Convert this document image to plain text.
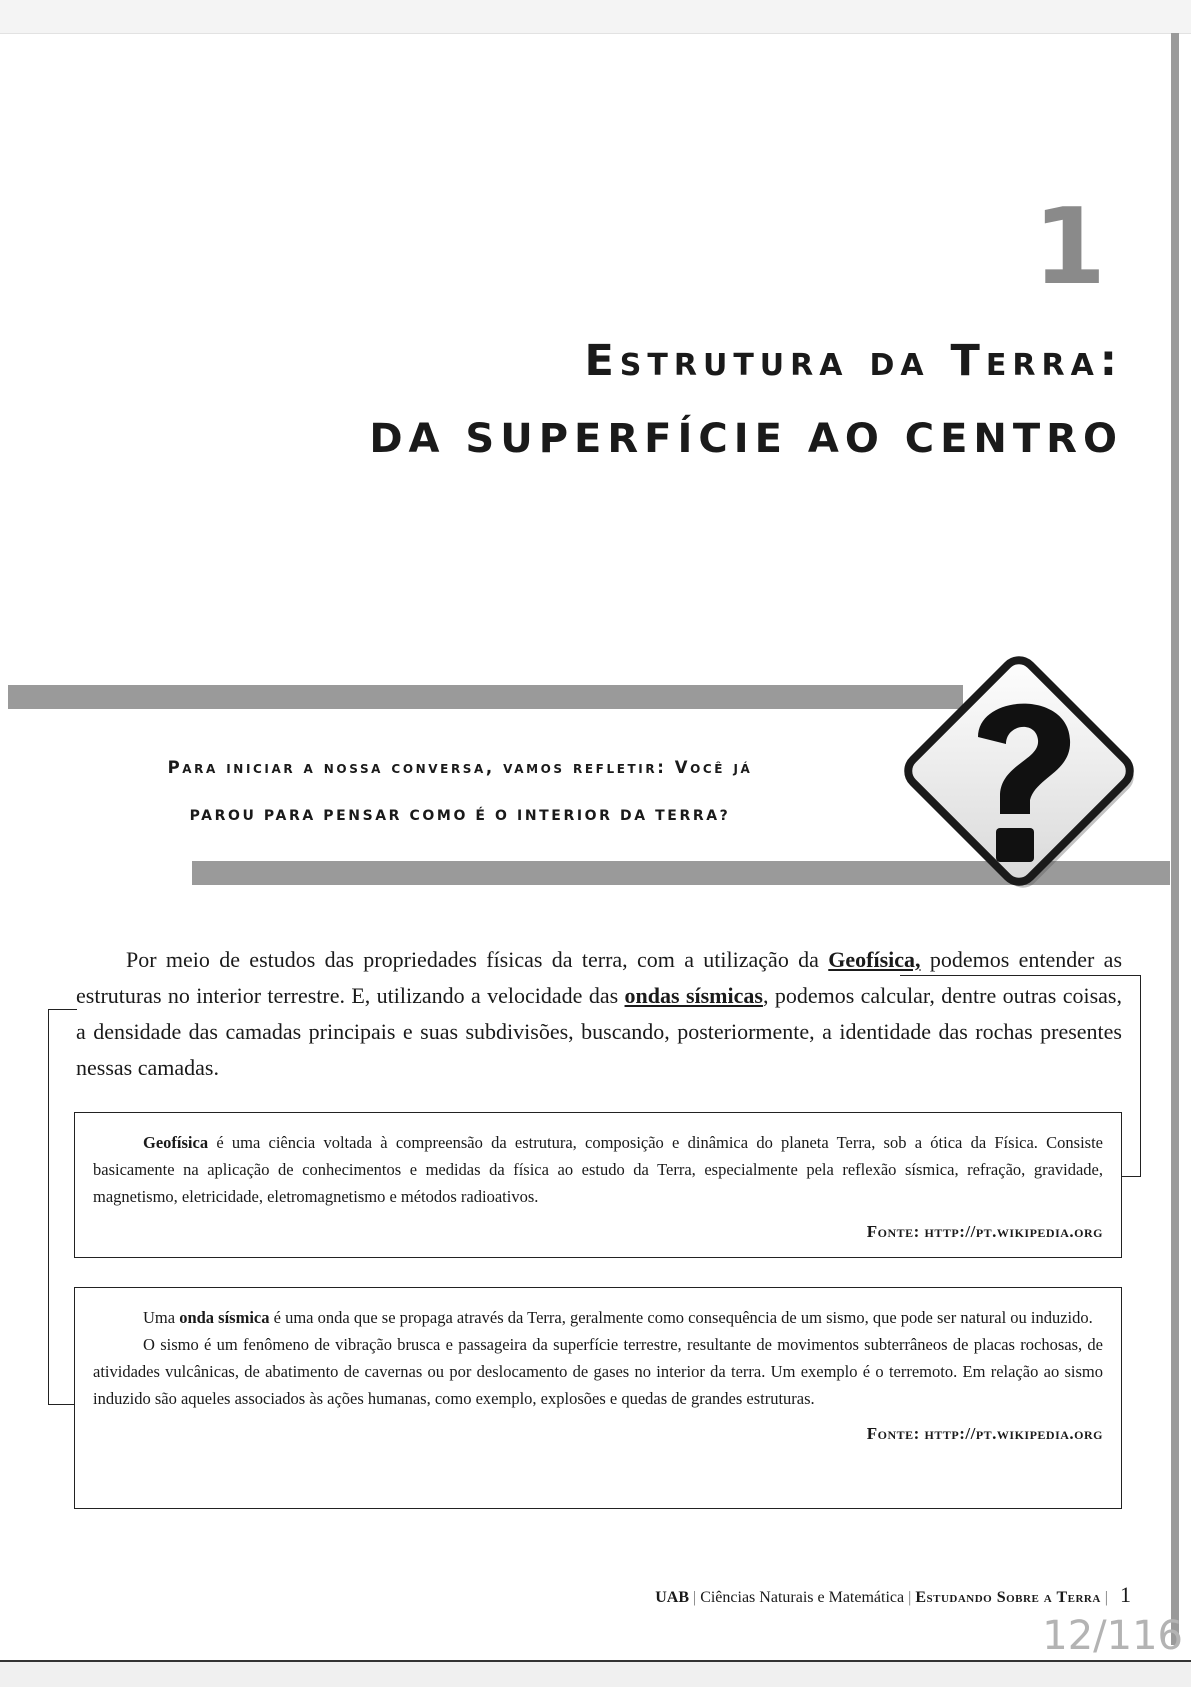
1
Estrutura da Terra:
DA SUPERFÍCIE AO CENTRO
Para iniciar a nossa conversa, vamos refletir: Você já
PAROU PARA PENSAR COMO É O INTERIOR DA TERRA?

Por meio de estudos das propriedades físicas da terra, com a utilização da Geofísica, podemos entender as estruturas no interior terrestre. E, utilizando a velocidade das ondas sísmicas, podemos calcular, dentre outras coisas, a densidade das camadas principais e suas subdivisões, buscando, posteriormente, a identidade das rochas presentes nessas camadas.

Geofísica é uma ciência voltada à compreensão da estrutura, composição e dinâmica do planeta Terra, sob a ótica da Física. Consiste basicamente na aplicação de conhecimentos e medidas da física ao estudo da Terra, especialmente pela reflexão sísmica, refração, gravidade, magnetismo, eletricidade, eletromagnetismo e métodos radioativos.

Fonte: http://pt.wikipedia.org

Uma onda sísmica é uma onda que se propaga através da Terra, geralmente como consequência de um sismo, que pode ser natural ou induzido.

O sismo é um fenômeno de vibração brusca e passageira da superfície terrestre, resultante de movimentos subterrâneos de placas rochosas, de atividades vulcânicas, de abatimento de cavernas ou por deslocamento de gases no interior da terra. Um exemplo é o terremoto. Em relação ao sismo induzido são aqueles associados às ações humanas, como exemplo, explosões e quedas de grandes estruturas.

Fonte: http://pt.wikipedia.org
UAB | Ciências Naturais e Matemática | Estudando Sobre a Terra | 1
12/116
